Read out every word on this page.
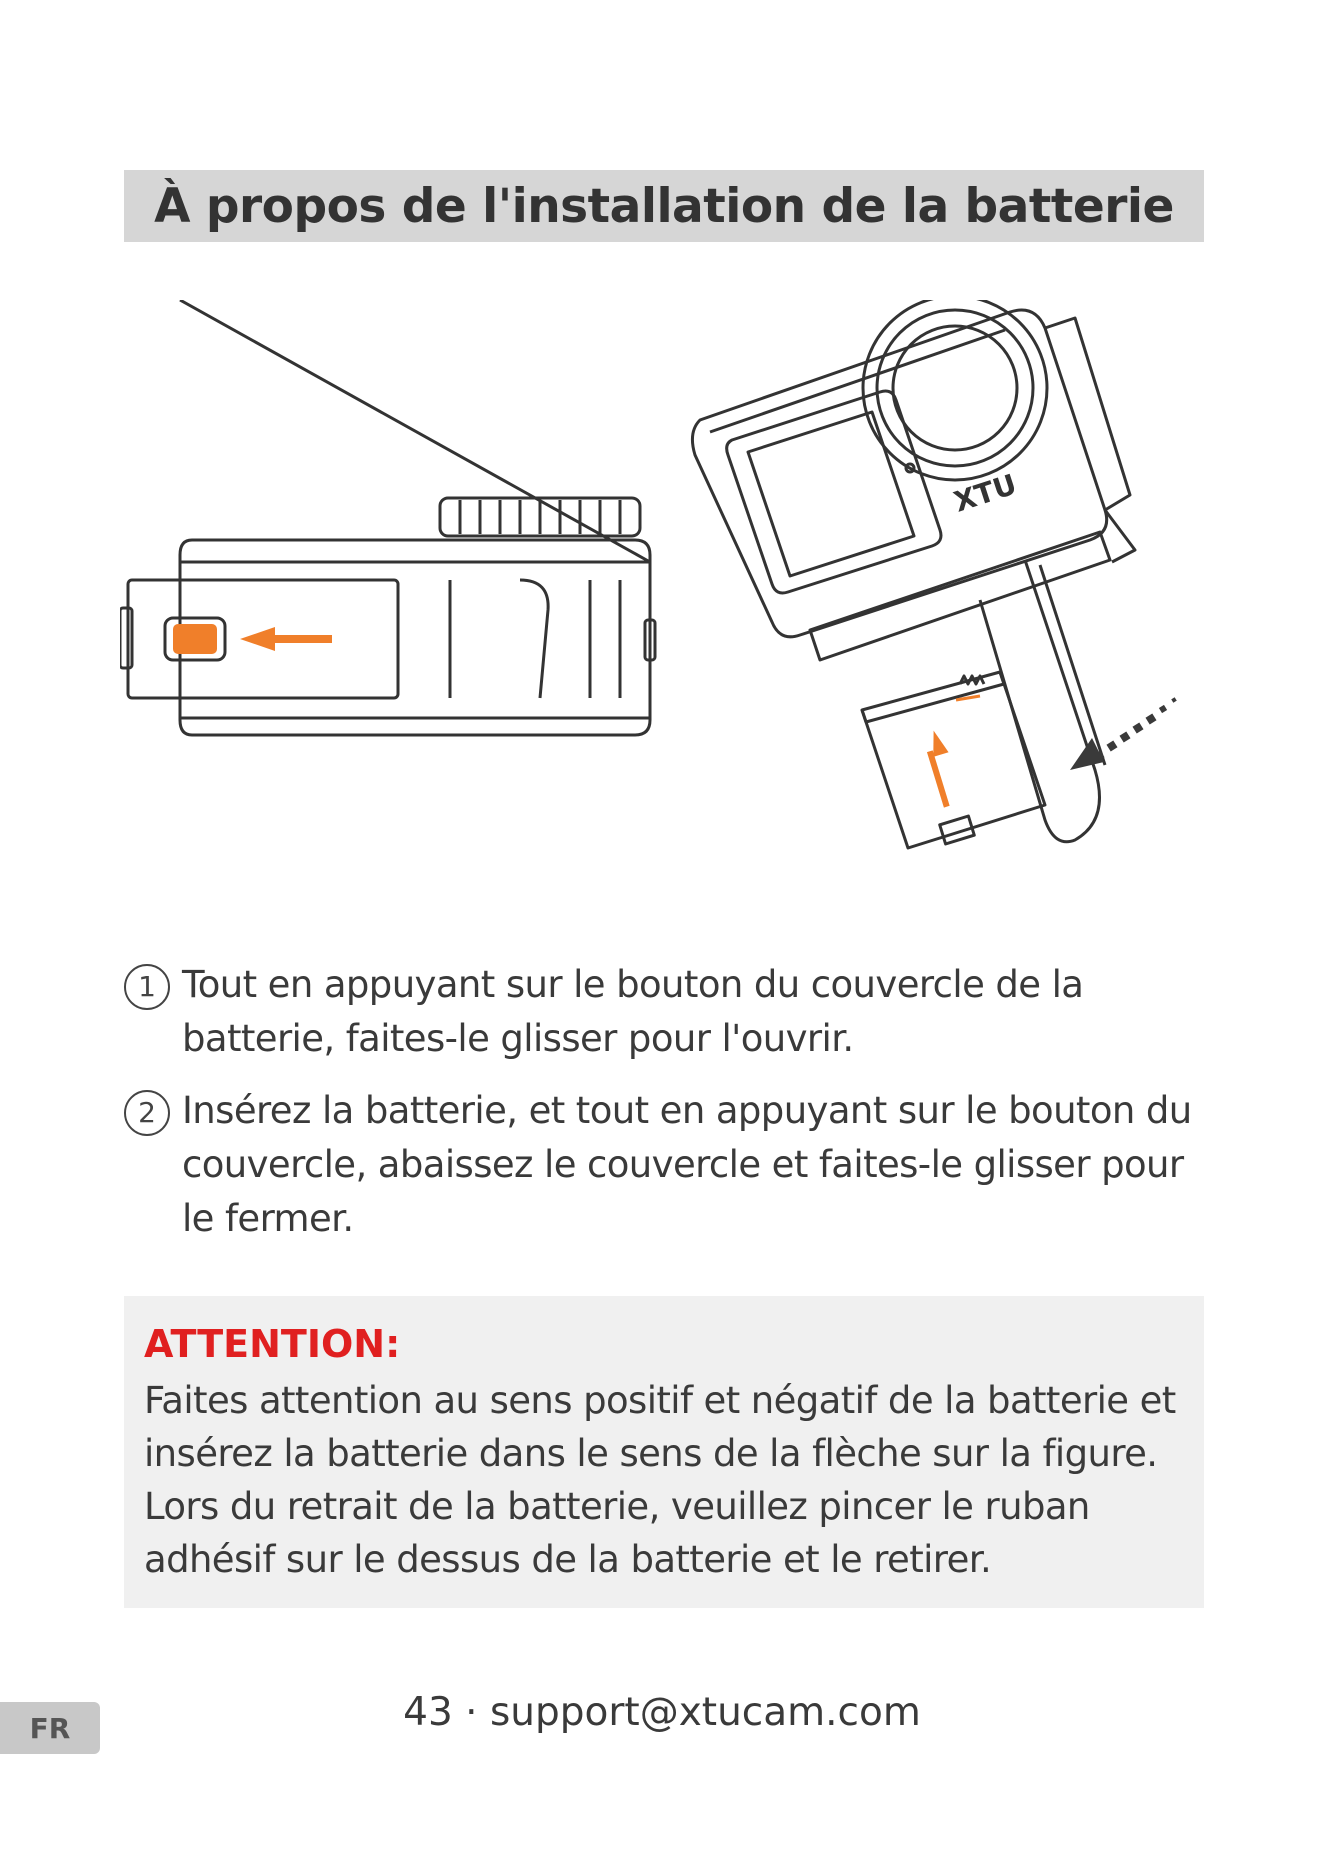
À propos de l'installation de la batterie
XTU
1 Tout en appuyant sur le bouton du couvercle de la batterie, faites-le glisser pour l'ouvrir.
2 Insérez la batterie, et tout en appuyant sur le bouton du couvercle, abaissez le couvercle et faites-le glisser pour le fermer.
ATTENTION:

Faites attention au sens positif et négatif de la batterie et insérez la batterie dans le sens de la flèche sur la figure. Lors du retrait de la batterie, veuillez pincer le ruban adhésif sur le dessus de la batterie et le retirer.

43 · support@xtucam.com
FR
